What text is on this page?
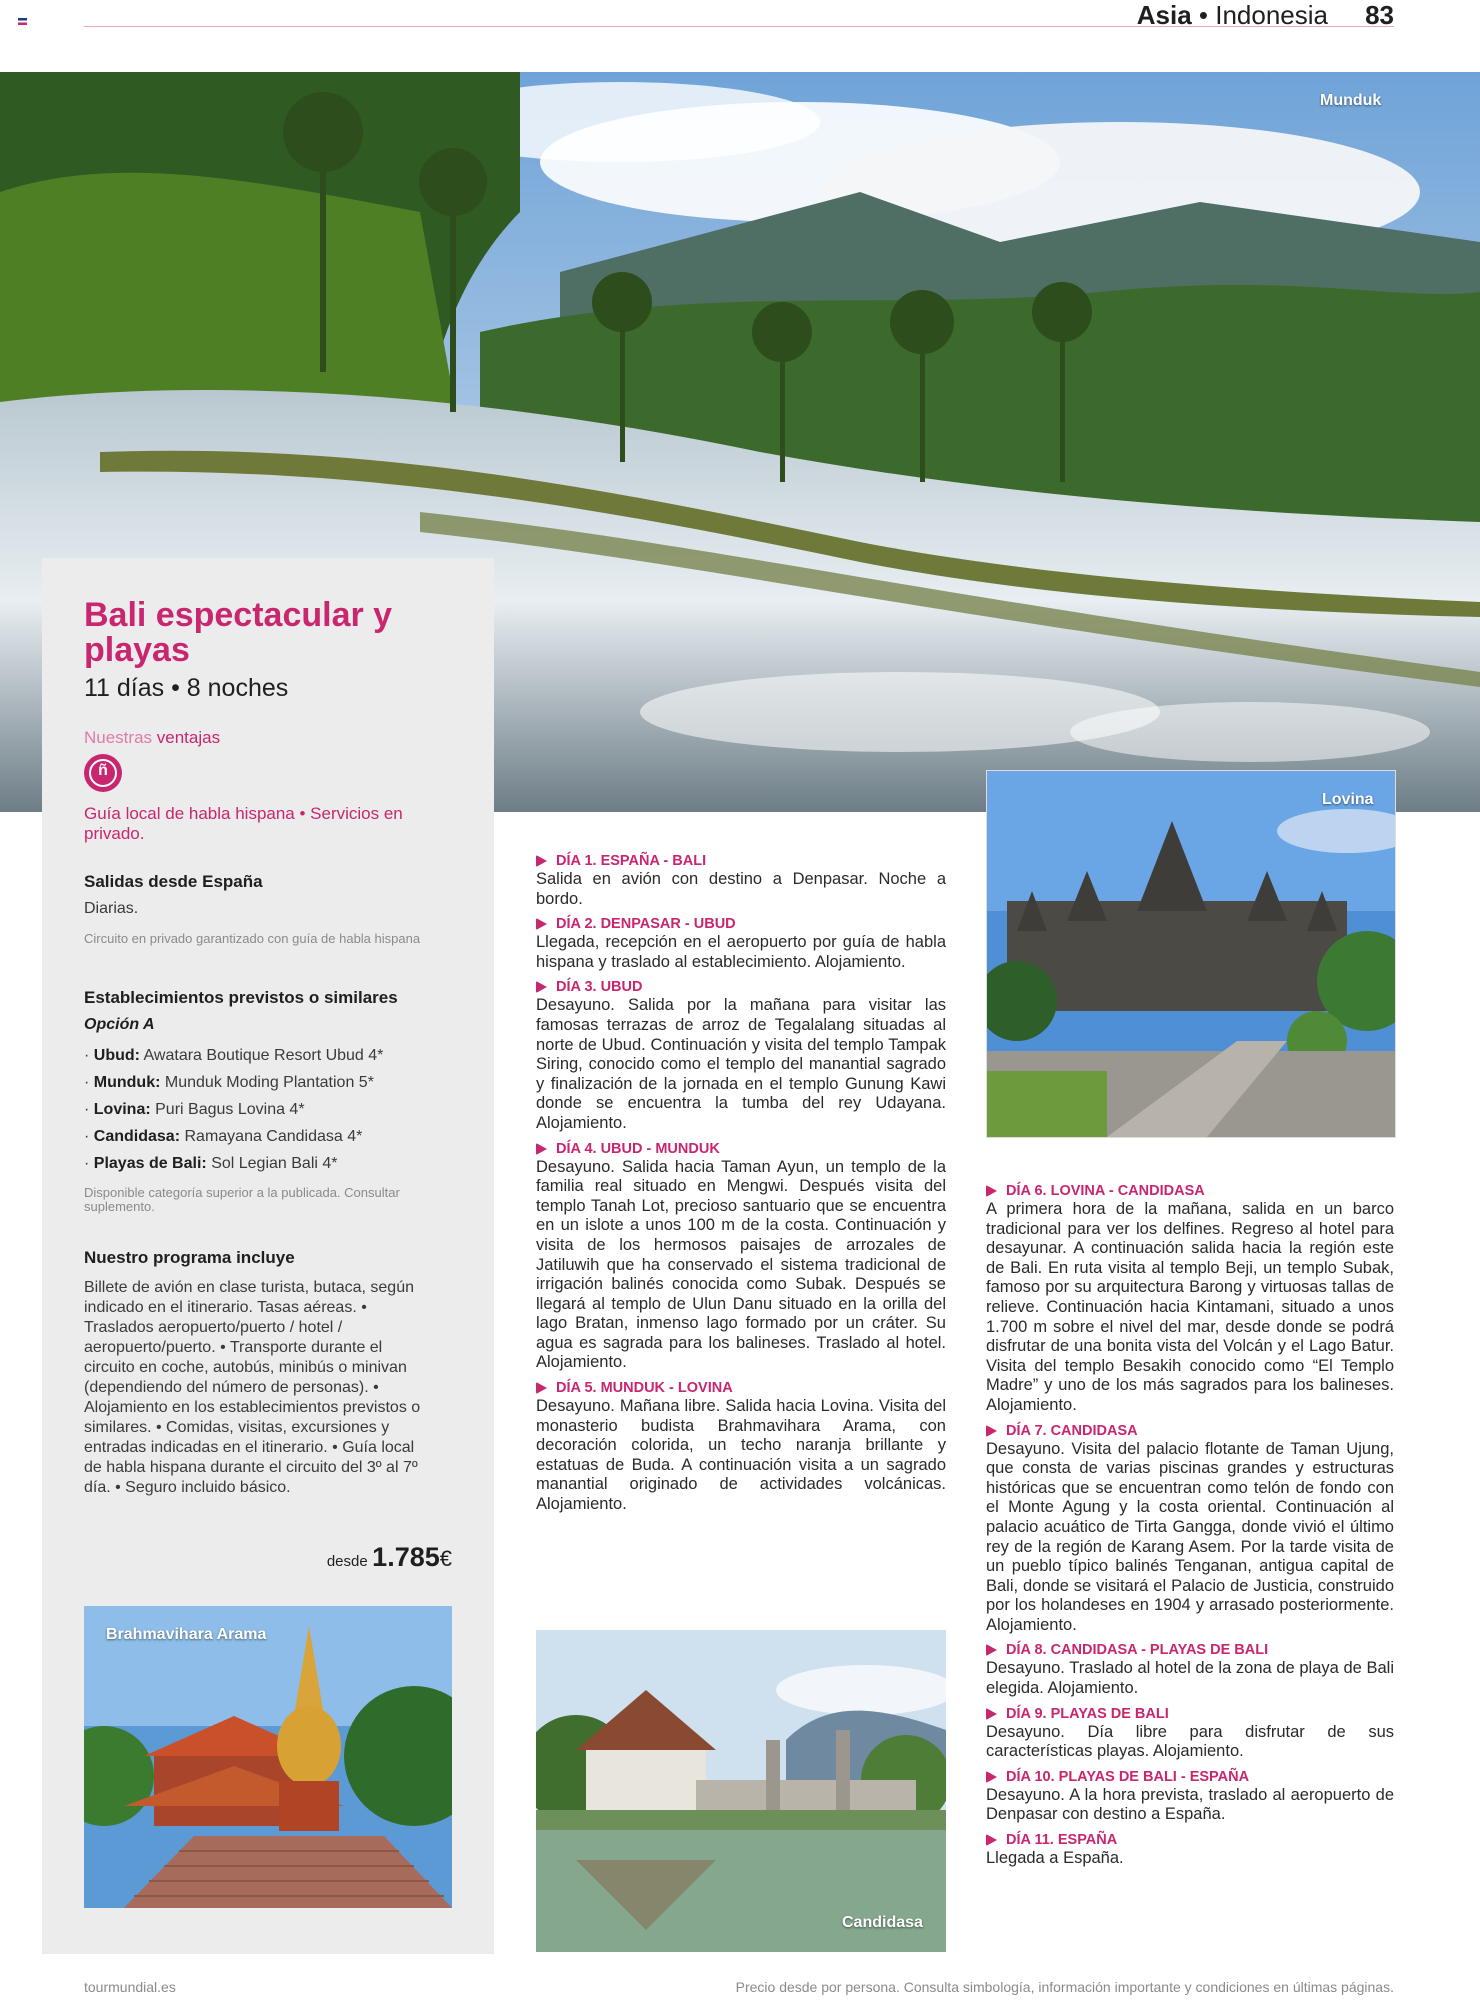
Asia • Indonesia 83
Munduk
Bali espectacular y playas
11 días • 8 noches
Nuestras ventajas
ñ
Guía local de habla hispana • Servicios en privado.
Salidas desde España
Diarias.
Circuito en privado garantizado con guía de habla hispana
Establecimientos previstos o similares
Opción A
· Ubud: Awatara Boutique Resort Ubud 4*
· Munduk: Munduk Moding Plantation 5*
· Lovina: Puri Bagus Lovina 4*
· Candidasa: Ramayana Candidasa 4*
· Playas de Bali: Sol Legian Bali 4*
Disponible categoría superior a la publicada. Consultar suplemento.
Nuestro programa incluye
Billete de avión en clase turista, butaca, según indicado en el itinerario. Tasas aéreas. • Traslados aeropuerto/puerto / hotel / aeropuerto/puerto. • Transporte durante el circuito en coche, autobús, minibús o minivan (dependiendo del número de personas). • Alojamiento en los establecimientos previstos o similares. • Comidas, visitas, excursiones y entradas indicadas en el itinerario. • Guía local de habla hispana durante el circuito del 3º al 7º día. • Seguro incluido básico.
desde 1.785€
Brahmavihara Arama
Lovina
DÍA 1. ESPAÑA - BALI
Salida en avión con destino a Denpasar. Noche a bordo.
DÍA 2. DENPASAR - UBUD
Llegada, recepción en el aeropuerto por guía de habla hispana y traslado al establecimiento. Alojamiento.
DÍA 3. UBUD
Desayuno. Salida por la mañana para visitar las famosas terrazas de arroz de Tegalalang situadas al norte de Ubud. Continuación y visita del templo Tampak Siring, conocido como el templo del manantial sagrado y finalización de la jornada en el templo Gunung Kawi donde se encuentra la tumba del rey Udayana. Alojamiento.
DÍA 4. UBUD - MUNDUK
Desayuno. Salida hacia Taman Ayun, un templo de la familia real situado en Mengwi. Después visita del templo Tanah Lot, precioso santuario que se encuentra en un islote a unos 100 m de la costa. Continuación y visita de los hermosos paisajes de arrozales de Jatiluwih que ha conservado el sistema tradicional de irrigación balinés conocida como Subak. Después se llegará al templo de Ulun Danu situado en la orilla del lago Bratan, inmenso lago formado por un cráter. Su agua es sagrada para los balineses. Traslado al hotel. Alojamiento.
DÍA 5. MUNDUK - LOVINA
Desayuno. Mañana libre. Salida hacia Lovina. Visita del monasterio budista Brahmavihara Arama, con decoración colorida, un techo naranja brillante y estatuas de Buda. A continuación visita a un sagrado manantial originado de actividades volcánicas. Alojamiento.
Candidasa
DÍA 6. LOVINA - CANDIDASA
A primera hora de la mañana, salida en un barco tradicional para ver los delfines. Regreso al hotel para desayunar. A continuación salida hacia la región este de Bali. En ruta visita al templo Beji, un templo Subak, famoso por su arquitectura Barong y virtuosas tallas de relieve. Continuación hacia Kintamani, situado a unos 1.700 m sobre el nivel del mar, desde donde se podrá disfrutar de una bonita vista del Volcán y el Lago Batur. Visita del templo Besakih conocido como “El Templo Madre” y uno de los más sagrados para los balineses. Alojamiento.
DÍA 7. CANDIDASA
Desayuno. Visita del palacio flotante de Taman Ujung, que consta de varias piscinas grandes y estructuras históricas que se encuentran como telón de fondo con el Monte Agung y la costa oriental. Continuación al palacio acuático de Tirta Gangga, donde vivió el último rey de la región de Karang Asem. Por la tarde visita de un pueblo típico balinés Tenganan, antigua capital de Bali, donde se visitará el Palacio de Justicia, construido por los holandeses en 1904 y arrasado posteriormente. Alojamiento.
DÍA 8. CANDIDASA - PLAYAS DE BALI
Desayuno. Traslado al hotel de la zona de playa de Bali elegida. Alojamiento.
DÍA 9. PLAYAS DE BALI
Desayuno. Día libre para disfrutar de sus características playas. Alojamiento.
DÍA 10. PLAYAS DE BALI - ESPAÑA
Desayuno. A la hora prevista, traslado al aeropuerto de Denpasar con destino a España.
DÍA 11. ESPAÑA
Llegada a España.
tourmundial.es	Precio desde por persona. Consulta simbología, información importante y condiciones en últimas páginas.
